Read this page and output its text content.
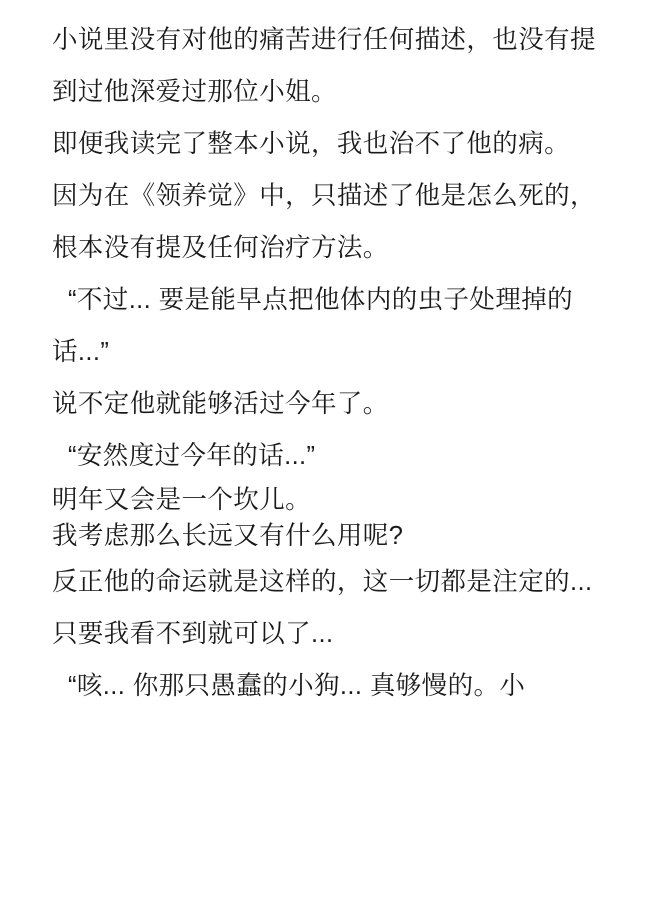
小说里没有对他的痛苦进行任何描述，也没有提到过他深爱过那位小姐。

即便我读完了整本小说，我也治不了他的病。

因为在《领养觉》中，只描述了他是怎么死的，根本没有提及任何治疗方法。

“不过... 要是能早点把他体内的虫子处理掉的话...”

说不定他就能够活过今年了。

“安然度过今年的话...”

明年又会是一个坎儿。

我考虑那么长远又有什么用呢?

反正他的命运就是这样的，这一切都是注定的...

只要我看不到就可以了...

“咳... 你那只愚蠢的小狗... 真够慢的。小
